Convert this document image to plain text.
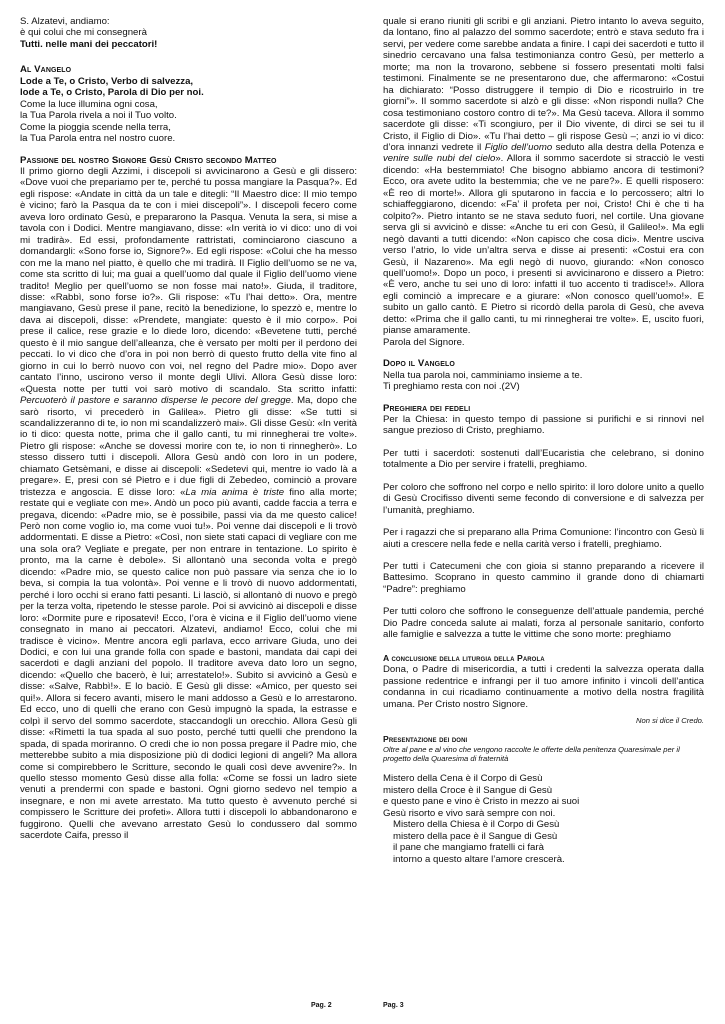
S. Alzatevi, andiamo:

è qui colui che mi consegnerà

Tutti. nelle mani dei peccatori!

Al Vangelo

Lode a Te, o Cristo, Verbo di salvezza,

lode a Te, o Cristo, Parola di Dio per noi.

Come la luce illumina ogni cosa,

la Tua Parola rivela a noi il Tuo volto.

Come la pioggia scende nella terra,

la Tua Parola entra nel nostro cuore.

Passione del nostro Signore Gesù Cristo secondo Matteo

Il primo giorno degli Azzimi, i discepoli si avvicinarono a Gesù e gli dissero: «Dove vuoi che prepariamo per te, perché tu possa mangiare la Pasqua?». Ed egli rispose: «Andate in città da un tale e ditegli: “Il Maestro dice: Il mio tempo è vicino; farò la Pasqua da te con i miei discepoli”». I discepoli fecero come aveva loro ordinato Gesù, e prepararono la Pasqua. Venuta la sera, si mise a tavola con i Dodici. Mentre mangiavano, disse: «In verità io vi dico: uno di voi mi tradirà». Ed essi, profondamente rattristati, cominciarono ciascuno a domandargli: «Sono forse io, Signore?». Ed egli rispose: «Colui che ha messo con me la mano nel piatto, è quello che mi tradirà. Il Figlio dell’uomo se ne va, come sta scritto di lui; ma guai a quell’uomo dal quale il Figlio dell’uomo viene tradito! Meglio per quell’uomo se non fosse mai nato!». Giuda, il traditore, disse: «Rabbì, sono forse io?». Gli rispose: «Tu l’hai detto». Ora, mentre mangiavano, Gesù prese il pane, recitò la benedizione, lo spezzò e, mentre lo dava ai discepoli, disse: «Prendete, mangiate: questo è il mio corpo». Poi prese il calice, rese grazie e lo diede loro, dicendo: «Bevetene tutti, perché questo è il mio sangue dell’alleanza, che è versato per molti per il perdono dei peccati. Io vi dico che d’ora in poi non berrò di questo frutto della vite fino al giorno in cui lo berrò nuovo con voi, nel regno del Padre mio». Dopo aver cantato l’inno, uscirono verso il monte degli Ulivi. Allora Gesù disse loro: «Questa notte per tutti voi sarò motivo di scandalo. Sta scritto infatti: Percuoterò il pastore e saranno disperse le pecore del gregge. Ma, dopo che sarò risorto, vi precederò in Galilea». Pietro gli disse: «Se tutti si scandalizzeranno di te, io non mi scandalizzerò mai». Gli disse Gesù: «In verità io ti dico: questa notte, prima che il gallo canti, tu mi rinnegherai tre volte». Pietro gli rispose: «Anche se dovessi morire con te, io non ti rinnegherò». Lo stesso dissero tutti i discepoli. Allora Gesù andò con loro in un podere, chiamato Getsèmani, e disse ai discepoli: «Sedetevi qui, mentre io vado là a pregare». E, presi con sé Pietro e i due figli di Zebedeo, cominciò a provare tristezza e angoscia. E disse loro: «La mia anima è triste fino alla morte; restate qui e vegliate con me». Andò un poco più avanti, cadde faccia a terra e pregava, dicendo: «Padre mio, se è possibile, passi via da me questo calice! Però non come voglio io, ma come vuoi tu!». Poi venne dai discepoli e li trovò addormentati. E disse a Pietro: «Così, non siete stati capaci di vegliare con me una sola ora? Vegliate e pregate, per non entrare in tentazione. Lo spirito è pronto, ma la carne è debole». Si allontanò una seconda volta e pregò dicendo: «Padre mio, se questo calice non può passare via senza che io lo beva, si compia la tua volontà». Poi venne e li trovò di nuovo addormentati, perché i loro occhi si erano fatti pesanti. Li lasciò, si allontanò di nuovo e pregò per la terza volta, ripetendo le stesse parole. Poi si avvicinò ai discepoli e disse loro: «Dormite pure e riposatevi! Ecco, l’ora è vicina e il Figlio dell’uomo viene consegnato in mano ai peccatori. Alzatevi, andiamo! Ecco, colui che mi tradisce è vicino». Mentre ancora egli parlava, ecco arrivare Giuda, uno dei Dodici, e con lui una grande folla con spade e bastoni, mandata dai capi dei sacerdoti e dagli anziani del popolo. Il traditore aveva dato loro un segno, dicendo: «Quello che bacerò, è lui; arrestatelo!». Subito si avvicinò a Gesù e disse: «Salve, Rabbì!». E lo baciò. E Gesù gli disse: «Amico, per questo sei qui!». Allora si fecero avanti, misero le mani addosso a Gesù e lo arrestarono. Ed ecco, uno di quelli che erano con Gesù impugnò la spada, la estrasse e colpì il servo del sommo sacerdote, staccandogli un orecchio. Allora Gesù gli disse: «Rimetti la tua spada al suo posto, perché tutti quelli che prendono la spada, di spada moriranno. O credi che io non possa pregare il Padre mio, che metterebbe subito a mia disposizione più di dodici legioni di angeli? Ma allora come si compirebbero le Scritture, secondo le quali così deve avvenire?». In quello stesso momento Gesù disse alla folla: «Come se fossi un ladro siete venuti a prendermi con spade e bastoni. Ogni giorno sedevo nel tempio a insegnare, e non mi avete arrestato. Ma tutto questo è avvenuto perché si compissero le Scritture dei profeti». Allora tutti i discepoli lo abbandonarono e fuggirono. Quelli che avevano arrestato Gesù lo condussero dal sommo sacerdote Caifa, presso il

quale si erano riuniti gli scribi e gli anziani. Pietro intanto lo aveva seguito, da lontano, fino al palazzo del sommo sacerdote; entrò e stava seduto fra i servi, per vedere come sarebbe andata a finire. I capi dei sacerdoti e tutto il sinedrio cercavano una falsa testimonianza contro Gesù, per metterlo a morte; ma non la trovarono, sebbene si fossero presentati molti falsi testimoni. Finalmente se ne presentarono due, che affermarono: «Costui ha dichiarato: “Posso distruggere il tempio di Dio e ricostruirlo in tre giorni”». Il sommo sacerdote si alzò e gli disse: «Non rispondi nulla? Che cosa testimoniano costoro contro di te?». Ma Gesù taceva. Allora il sommo sacerdote gli disse: «Ti scongiuro, per il Dio vivente, di dirci se sei tu il Cristo, il Figlio di Dio». «Tu l’hai detto – gli rispose Gesù –; anzi io vi dico: d’ora innanzi vedrete il Figlio dell’uomo seduto alla destra della Potenza e venire sulle nubi del cielo». Allora il sommo sacerdote si stracciò le vesti dicendo: «Ha bestemmiato! Che bisogno abbiamo ancora di testimoni? Ecco, ora avete udito la bestemmia; che ve ne pare?». E quelli risposero: «È reo di morte!». Allora gli sputarono in faccia e lo percossero; altri lo schiaffeggiarono, dicendo: «Fa’ il profeta per noi, Cristo! Chi è che ti ha colpito?». Pietro intanto se ne stava seduto fuori, nel cortile. Una giovane serva gli si avvicinò e disse: «Anche tu eri con Gesù, il Galileo!». Ma egli negò davanti a tutti dicendo: «Non capisco che cosa dici». Mentre usciva verso l’atrio, lo vide un’altra serva e disse ai presenti: «Costui era con Gesù, il Nazareno». Ma egli negò di nuovo, giurando: «Non conosco quell’uomo!». Dopo un poco, i presenti si avvicinarono e dissero a Pietro: «È vero, anche tu sei uno di loro: infatti il tuo accento ti tradisce!». Allora egli cominciò a imprecare e a giurare: «Non conosco quell’uomo!». E subito un gallo cantò. E Pietro si ricordò della parola di Gesù, che aveva detto: «Prima che il gallo canti, tu mi rinnegherai tre volte». E, uscito fuori, pianse amaramente.

Parola del Signore.

Dopo il Vangelo

Nella tua parola noi, camminiamo insieme a te.

Ti preghiamo resta con noi .(2V)

Preghiera dei fedeli

Per la Chiesa: in questo tempo di passione si purifichi e si rinnovi nel sangue prezioso di Cristo, preghiamo.

Per tutti i sacerdoti: sostenuti dall’Eucaristia che celebrano, si donino totalmente a Dio per servire i fratelli, preghiamo.

Per coloro che soffrono nel corpo e nello spirito: il loro dolore unito a quello di Gesù Crocifisso diventi seme fecondo di conversione e di salvezza per l’umanità, preghiamo.

Per i ragazzi che si preparano alla Prima Comunione: l’incontro con Gesù li aiuti a crescere nella fede e nella carità verso i fratelli, preghiamo.

Per tutti i Catecumeni che con gioia si stanno preparando a ricevere il Battesimo. Scoprano in questo cammino il grande dono di chiamarti “Padre”: preghiamo

Per tutti coloro che soffrono le conseguenze dell’attuale pandemia, perché Dio Padre conceda salute ai malati, forza al personale sanitario, conforto alle famiglie e salvezza a tutte le vittime che sono morte: preghiamo

A conclusione della liturgia della Parola

Dona, o Padre di misericordia, a tutti i credenti la salvezza operata dalla passione redentrice e infrangi per il tuo amore infinito i vincoli dell’antica condanna in cui ricadiamo continuamente a motivo della nostra fragilità umana. Per Cristo nostro Signore.

Non si dice il Credo.

Presentazione dei doni

Oltre al pane e al vino che vengono raccolte le offerte della penitenza Quaresimale per il progetto della Quaresima di fraternità

Mistero della Cena è il Corpo di Gesù

mistero della Croce è il Sangue di Gesù

e questo pane e vino è Cristo in mezzo ai suoi

Gesù risorto e vivo sarà sempre con noi.

Mistero della Chiesa è il Corpo di Gesù

mistero della pace è il Sangue di Gesù

il pane che mangiamo fratelli ci farà

intorno a questo altare l’amore crescerà.

Pag. 2	Pag. 3
